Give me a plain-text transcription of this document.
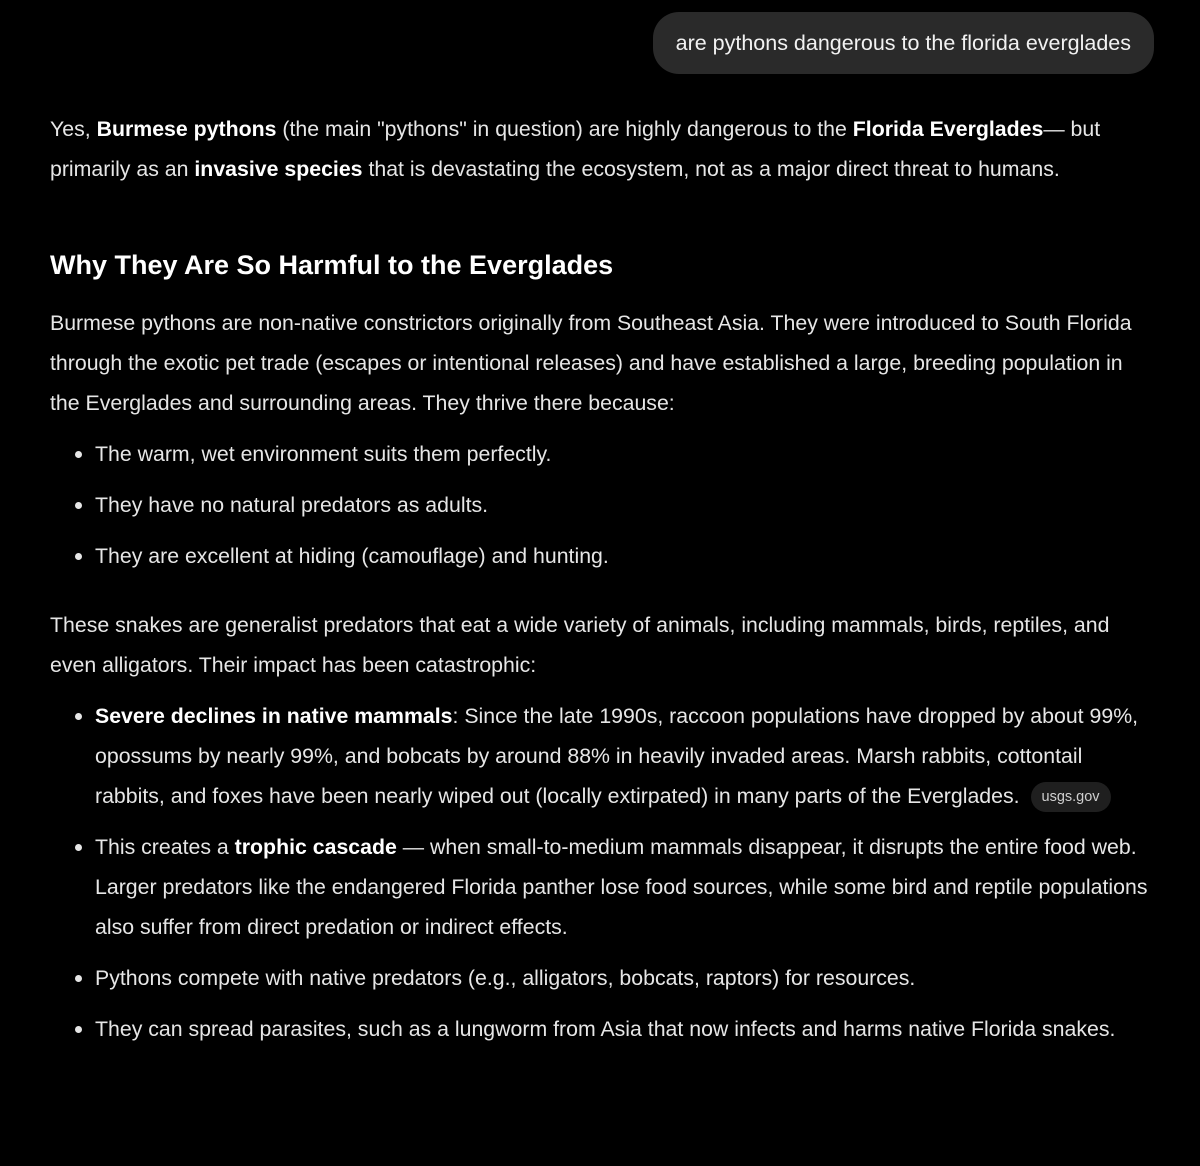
are pythons dangerous to the florida everglades

Yes, Burmese pythons (the main "pythons" in question) are highly dangerous to the Florida Everglades— but primarily as an invasive species that is devastating the ecosystem, not as a major direct threat to humans.

Why They Are So Harmful to the Everglades

Burmese pythons are non-native constrictors originally from Southeast Asia. They were introduced to South Florida through the exotic pet trade (escapes or intentional releases) and have established a large, breeding population in the Everglades and surrounding areas. They thrive there because:

The warm, wet environment suits them perfectly.
They have no natural predators as adults.
They are excellent at hiding (camouflage) and hunting.

These snakes are generalist predators that eat a wide variety of animals, including mammals, birds, reptiles, and even alligators. Their impact has been catastrophic:

Severe declines in native mammals: Since the late 1990s, raccoon populations have dropped by about 99%, opossums by nearly 99%, and bobcats by around 88% in heavily invaded areas. Marsh rabbits, cottontail rabbits, and foxes have been nearly wiped out (locally extirpated) in many parts of the Everglades. usgs.gov
This creates a trophic cascade — when small-to-medium mammals disappear, it disrupts the entire food web. Larger predators like the endangered Florida panther lose food sources, while some bird and reptile populations also suffer from direct predation or indirect effects.
Pythons compete with native predators (e.g., alligators, bobcats, raptors) for resources.
They can spread parasites, such as a lungworm from Asia that now infects and harms native Florida snakes.
